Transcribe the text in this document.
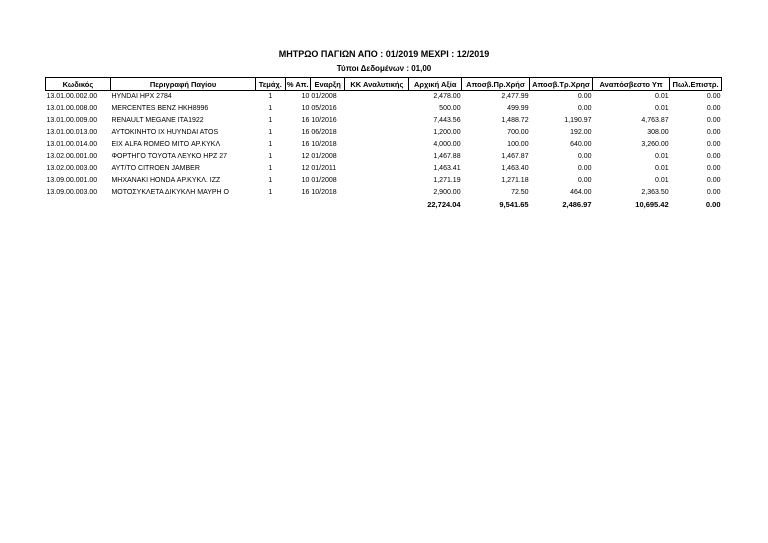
ΜΗΤΡΩΟ ΠΑΓΙΩΝ ΑΠΟ : 01/2019 ΜΕΧΡΙ : 12/2019
Τύποι Δεδομένων : 01,00
Κωδικός	Περιγραφή Παγίου	Τεμάχ.	% Απ.	Εναρξη	ΚΚ Αναλυτικής	Αρχική Αξία	Αποσβ.Πρ.Χρήσ	Αποσβ.Τρ.Χρησ	Αναπόσβεστο Υπ	Πωλ.Επιστρ.
13.01.00.002.00	HYNDAI HPX 2784	1	10	01/2008		2,478.00	2,477.99	0.00	0.01	0.00
13.01.00.008.00	MERCENTES BENZ HKH8996	1	10	05/2016		500.00	499.99	0.00	0.01	0.00
13.01.00.009.00	RENAULT MEGANE ITA1922	1	16	10/2016		7,443.56	1,488.72	1,190.97	4,763.87	0.00
13.01.00.013.00	ΑΥΤΟΚΙΝΗΤΟ ΙΧ HUYNDAI ATOS	1	16	06/2018		1,200.00	700.00	192.00	308.00	0.00
13.01.00.014.00	ΕΙΧ ALFA ROMEO MITO ΑΡ.ΚΥΚΛ	1	16	10/2018		4,000.00	100.00	640.00	3,260.00	0.00
13.02.00.001.00	ΦΟΡΤΗΓΟ TOYOTA ΛΕΥΚΟ HPZ 27	1	12	01/2008		1,467.88	1,467.87	0.00	0.01	0.00
13.02.00.003.00	ΑΥΤ/ΤΟ CITROEN JAMBER	1	12	01/2011		1,463.41	1,463.40	0.00	0.01	0.00
13.09.00.001.00	ΜΗΧΑΝΑΚΙ HONDA ΑΡ.ΚΥΚΛ. IZZ	1	10	01/2008		1,271.19	1,271.18	0.00	0.01	0.00
13.09.00.003.00	ΜΟΤΟΣΥΚΛΕΤΑ ΔΙΚΥΚΛΗ ΜΑΥΡΗ Ο	1	16	10/2018		2,900.00	72.50	464.00	2,363.50	0.00
						22,724.04	9,541.65	2,486.97	10,695.42	0.00
